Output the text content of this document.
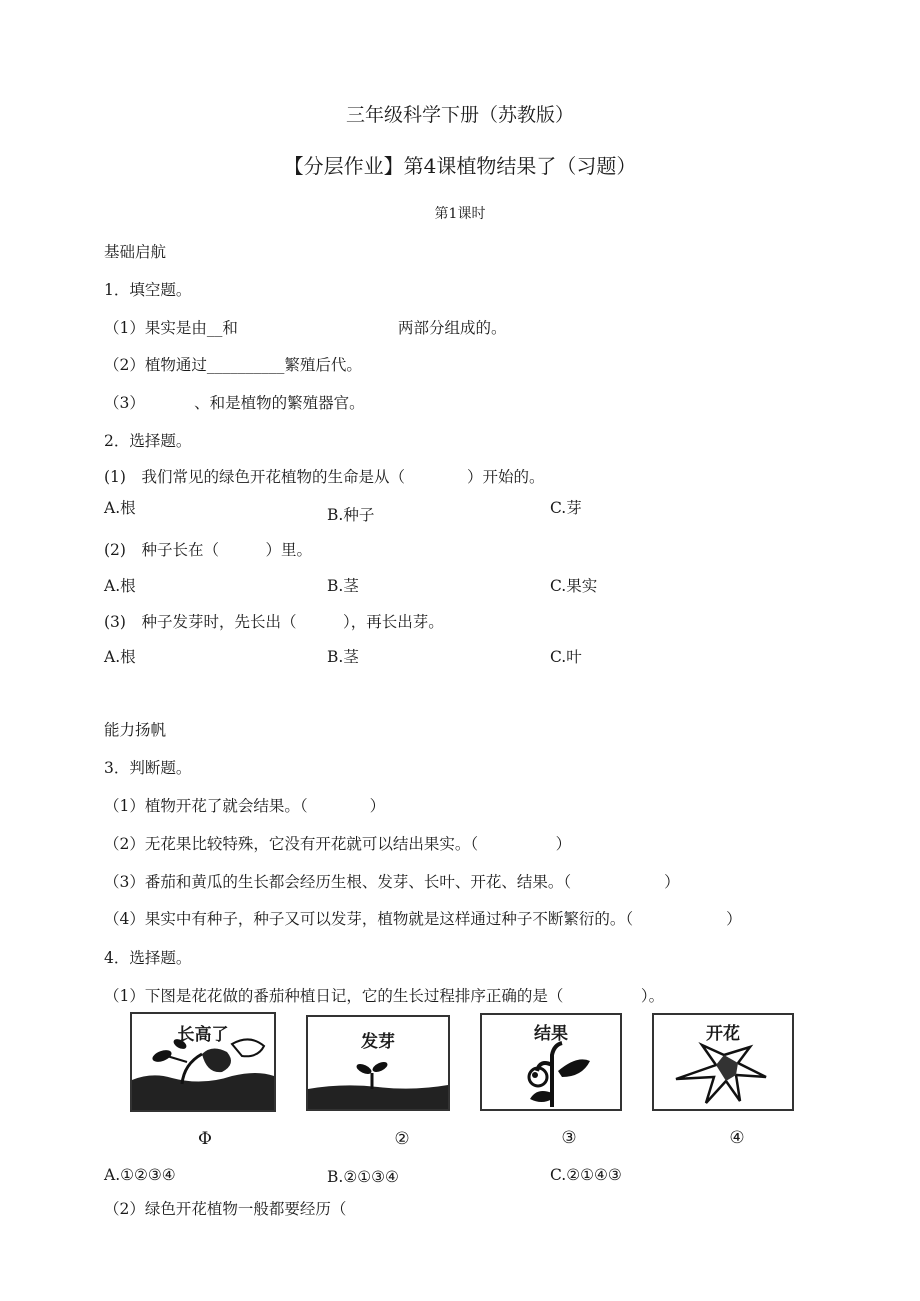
三年级科学下册（苏教版）
【分层作业】第4课植物结果了（习题）
第1课时
基础启航
1．填空题。
（1）果实是由__和	两部分组成的。
（2）植物通过__________繁殖后代。
（3）          、和是植物的繁殖器官。
2．选择题。
(1)　我们常见的绿色开花植物的生命是从（　　　　）开始的。
A.根	B.种子	C.芽
(2)　种子长在（　　　）里。
A.根	B.茎	C.果实
(3)　种子发芽时，先长出（　　　），再长出芽。
A.根	B.茎	C.叶
能力扬帆
3．判断题。
（1）植物开花了就会结果。（　　　　）
（2）无花果比较特殊，它没有开花就可以结出果实。（　　　　　）
（3）番茄和黄瓜的生长都会经历生根、发芽、长叶、开花、结果。（　　　　　　）
（4）果实中有种子，种子又可以发芽，植物就是这样通过种子不断繁衍的。（　　　　　　）
4．选择题。
（1）下图是花花做的番茄种植日记，它的生长过程排序正确的是（　　　　　）。
长高了	发芽	结果	开花
Φ	②	③	④
A.①②③④	B.②①③④	C.②①④③
（2）绿色开花植物一般都要经历（
